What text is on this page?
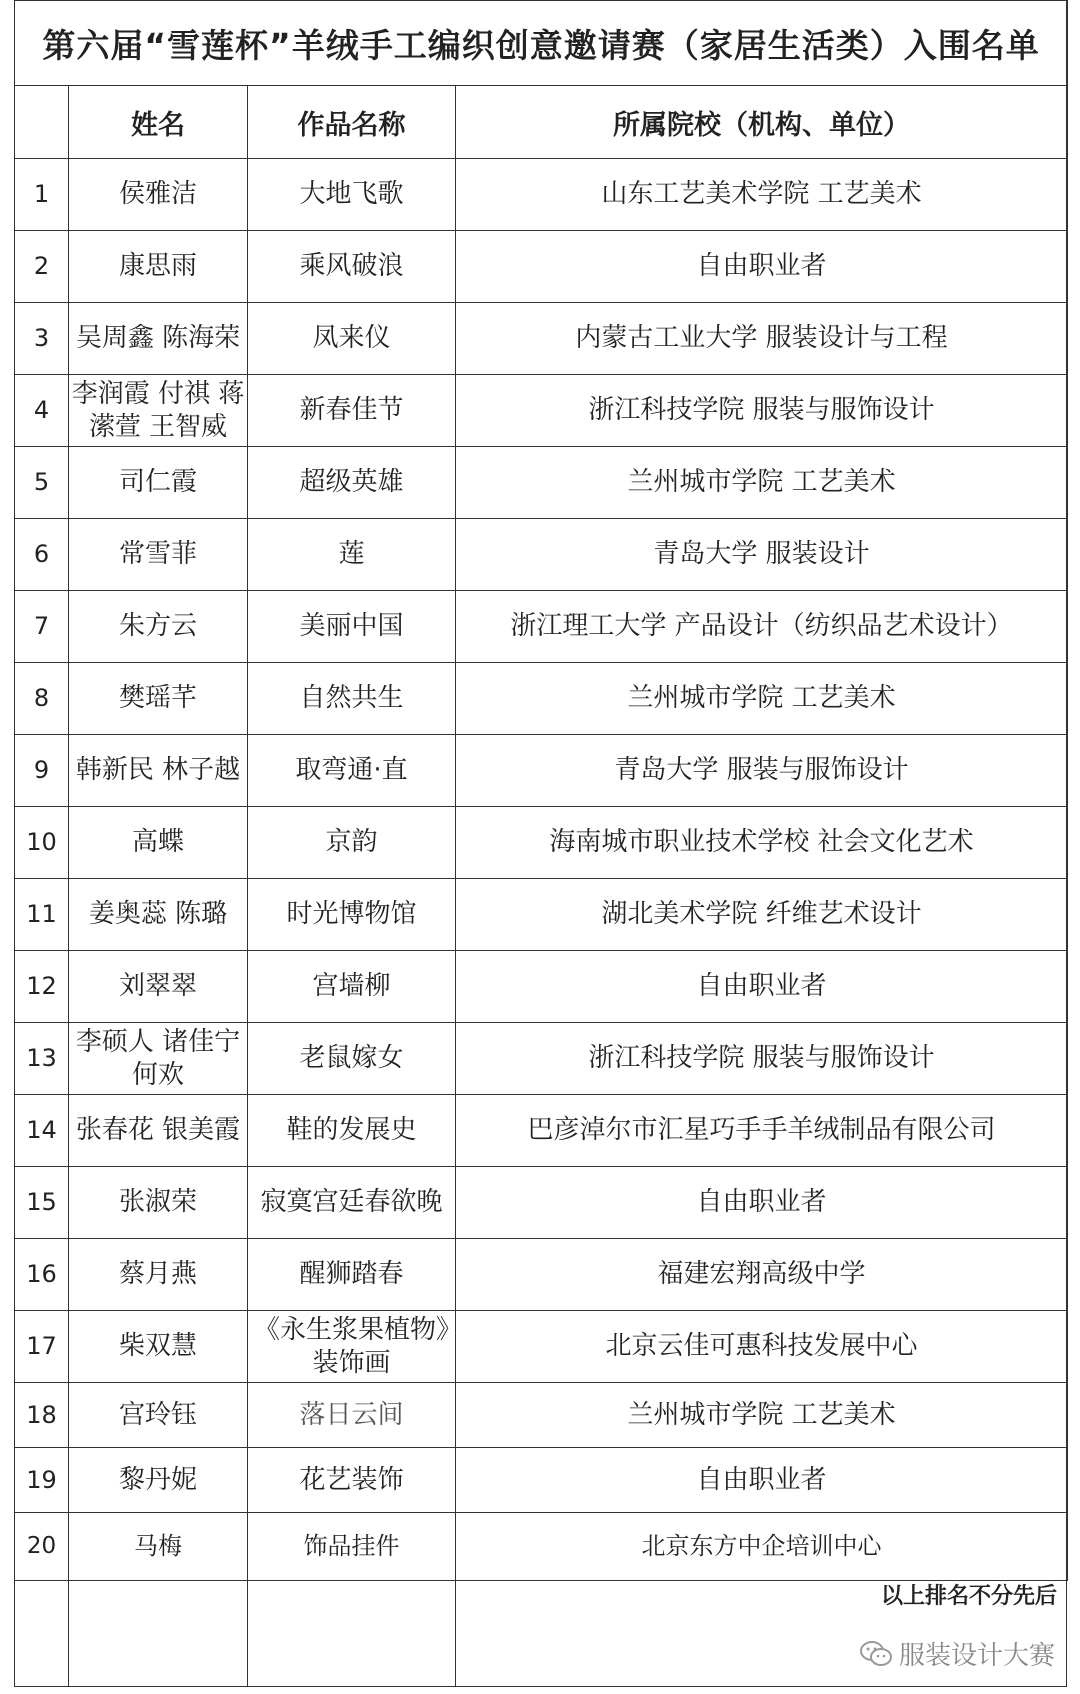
第六届“雪莲杯”羊绒手工编织创意邀请赛（家居生活类）入围名单			
	姓名	作品名称	所属院校（机构、单位）

1	侯雅洁	大地飞歌	山东工艺美术学院 工艺美术

2	康思雨	乘风破浪	自由职业者

3	吴周鑫 陈海荣	凤来仪	内蒙古工业大学 服装设计与工程

4	李润霞 付祺 蒋潆萱 王智威	新春佳节	浙江科技学院 服装与服饰设计

5	司仁霞	超级英雄	兰州城市学院 工艺美术

6	常雪菲	莲	青岛大学 服装设计

7	朱方云	美丽中国	浙江理工大学 产品设计（纺织品艺术设计）

8	樊瑶芊	自然共生	兰州城市学院 工艺美术

9	韩新民 林子越	取弯通·直	青岛大学 服装与服饰设计

10	高蝶	京韵	海南城市职业技术学校 社会文化艺术

11	姜奥蕊 陈璐	时光博物馆	湖北美术学院 纤维艺术设计

12	刘翠翠	宫墙柳	自由职业者

13	李硕人 诸佳宁 何欢	老鼠嫁女	浙江科技学院 服装与服饰设计

14	张春花 银美霞	鞋的发展史	巴彦淖尔市汇星巧手手羊绒制品有限公司

15	张淑荣	寂寞宫廷春欲晚	自由职业者

16	蔡月燕	醒狮踏春	福建宏翔高级中学

17	柴双慧	《永生浆果植物》装饰画	北京云佳可惠科技发展中心

18	宫玲钰	落日云间	兰州城市学院 工艺美术

19	黎丹妮	花艺装饰	自由职业者

20	马梅	饰品挂件	北京东方中企培训中心
以上排名不分先后
服装设计大赛
